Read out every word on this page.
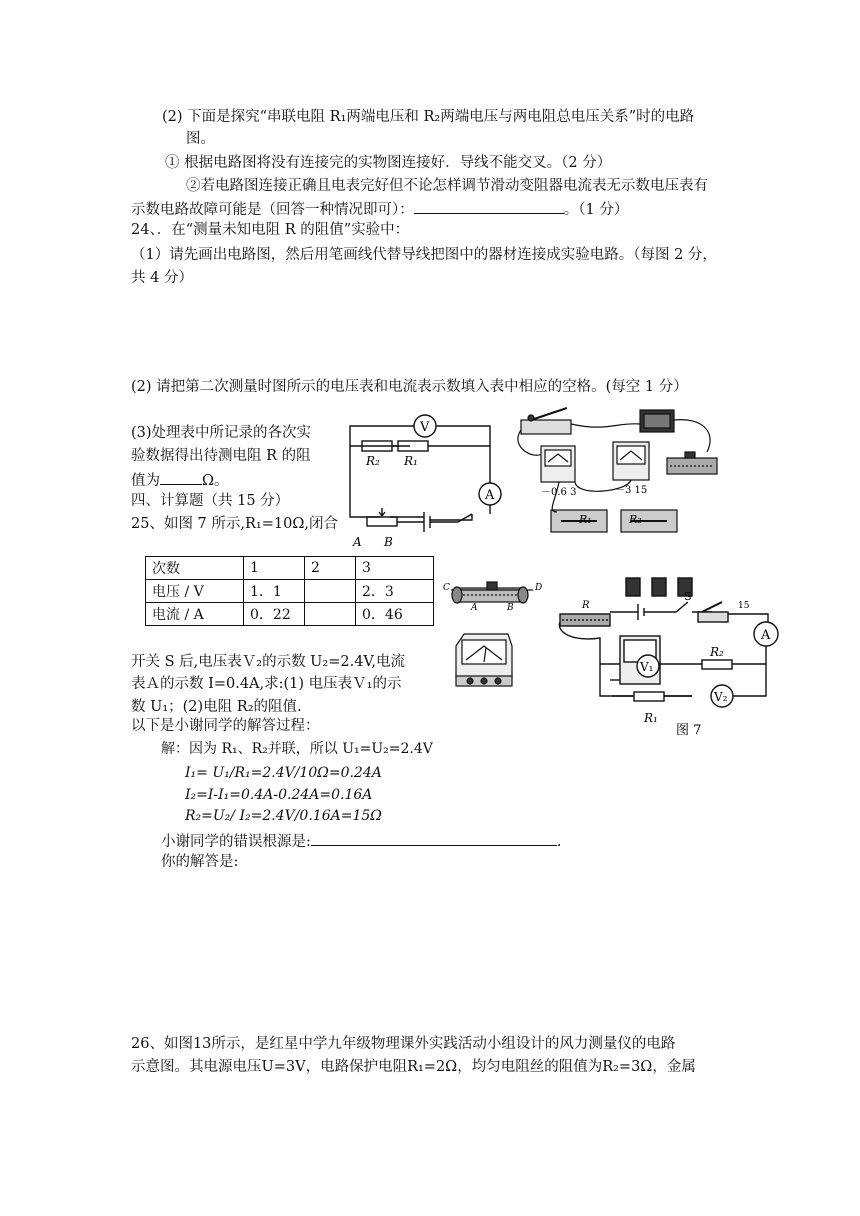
(2) 下面是探究“串联电阻 R₁两端电压和 R₂两端电压与两电阻总电压关系”时的电路
图。
① 根据电路图将没有连接完的实物图连接好．导线不能交叉。（2 分）
②若电路图连接正确且电表完好但不论怎样调节滑动变阻器电流表无示数电压表有
示数电路故障可能是（回答一种情况即可）：	。（1 分）
24、．在“测量未知电阻 R 的阻值”实验中：
（1）请先画出电路图，然后用笔画线代替导线把图中的器材连接成实验电路。（每图 2 分，
共 4 分）
(2) 请把第二次测量时图所示的电压表和电流表示数填入表中相应的空格。(每空 1 分）
(3)处理表中所记录的各次实
验数据得出待测电阻 R 的阻
值为	Ω。
四、计算题（共 15 分）
25、如图 7 所示,R₁=10Ω,闭合
V
A
R₂ R₁
A B
－0.6 3	－3 15
R₁	R₂
次数	1	2	3
电压 / V	1．1		2．3
电流 / A	0．22		0．46
C	D
A	B	R
S
15
A
V₁
R₂
V₂
R₁
图 7
开关 S 后,电压表Ｖ₂的示数 U₂=2.4V,电流
表Ａ的示数 I=0.4A,求:(1) 电压表Ｖ₁的示
数 U₁；(2)电阻 R₂的阻值.
以下是小谢同学的解答过程：
解：因为 R₁、R₂并联，所以 U₁=U₂=2.4V
I₁= U₁/R₁=2.4V/10Ω=0.24A
I₂=I-I₁=0.4A-0.24A=0.16A
R₂=U₂/ I₂=2.4V/0.16A=15Ω
小谢同学的错误根源是:	.
你的解答是:
26、如图13所示，是红星中学九年级物理课外实践活动小组设计的风力测量仪的电路
示意图。其电源电压U=3V，电路保护电阻R₁=2Ω，均匀电阻丝的阻值为R₂=3Ω，金属
